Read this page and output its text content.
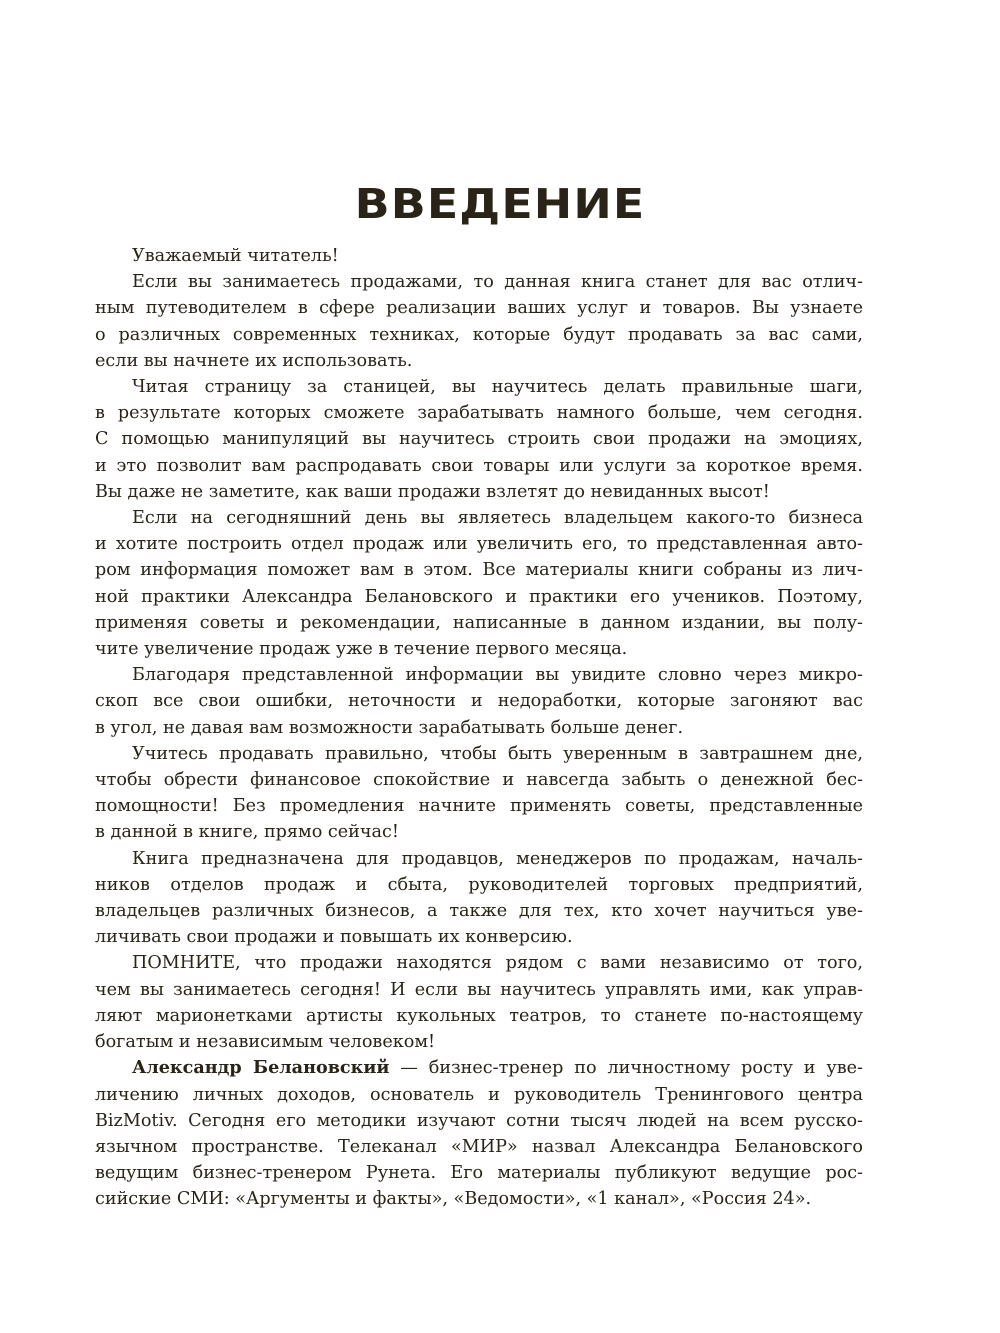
ВВЕДЕНИЕ

Уважаемый читатель!

Если вы занимаетесь продажами, то данная книга станет для вас отлич-
ным путеводителем в сфере реализации ваших услуг и товаров. Вы узнаете
о различных современных техниках, которые будут продавать за вас сами,
если вы начнете их использовать.

Читая страницу за станицей, вы научитесь делать правильные шаги,
в результате которых сможете зарабатывать намного больше, чем сегодня.
С помощью манипуляций вы научитесь строить свои продажи на эмоциях,
и это позволит вам распродавать свои товары или услуги за короткое время.
Вы даже не заметите, как ваши продажи взлетят до невиданных высот!

Если на сегодняшний день вы являетесь владельцем какого-то бизнеса
и хотите построить отдел продаж или увеличить его, то представленная авто-
ром информация поможет вам в этом. Все материалы книги собраны из лич-
ной практики Александра Белановского и практики его учеников. Поэтому,
применяя советы и рекомендации, написанные в данном издании, вы полу-
чите увеличение продаж уже в течение первого месяца.

Благодаря представленной информации вы увидите словно через микро-
скоп все свои ошибки, неточности и недоработки, которые загоняют вас
в угол, не давая вам возможности зарабатывать больше денег.

Учитесь продавать правильно, чтобы быть уверенным в завтрашнем дне,
чтобы обрести финансовое спокойствие и навсегда забыть о денежной бес-
помощности! Без промедления начните применять советы, представленные
в данной в книге, прямо сейчас!

Книга предназначена для продавцов, менеджеров по продажам, началь-
ников отделов продаж и сбыта, руководителей торговых предприятий,
владельцев различных бизнесов, а также для тех, кто хочет научиться уве-
личивать свои продажи и повышать их конверсию.

ПОМНИТЕ, что продажи находятся рядом с вами независимо от того,
чем вы занимаетесь сегодня! И если вы научитесь управлять ими, как управ-
ляют марионетками артисты кукольных театров, то станете по-настоящему
богатым и независимым человеком!

Александр Белановский — бизнес-тренер по личностному росту и уве-
личению личных доходов, основатель и руководитель Тренингового центра
BizMotiv. Сегодня его методики изучают сотни тысяч людей на всем русско-
язычном пространстве. Телеканал «МИР» назвал Александра Белановского
ведущим бизнес-тренером Рунета. Его материалы публикуют ведущие рос-
сийские СМИ: «Аргументы и факты», «Ведомости», «1 канал», «Россия 24».
